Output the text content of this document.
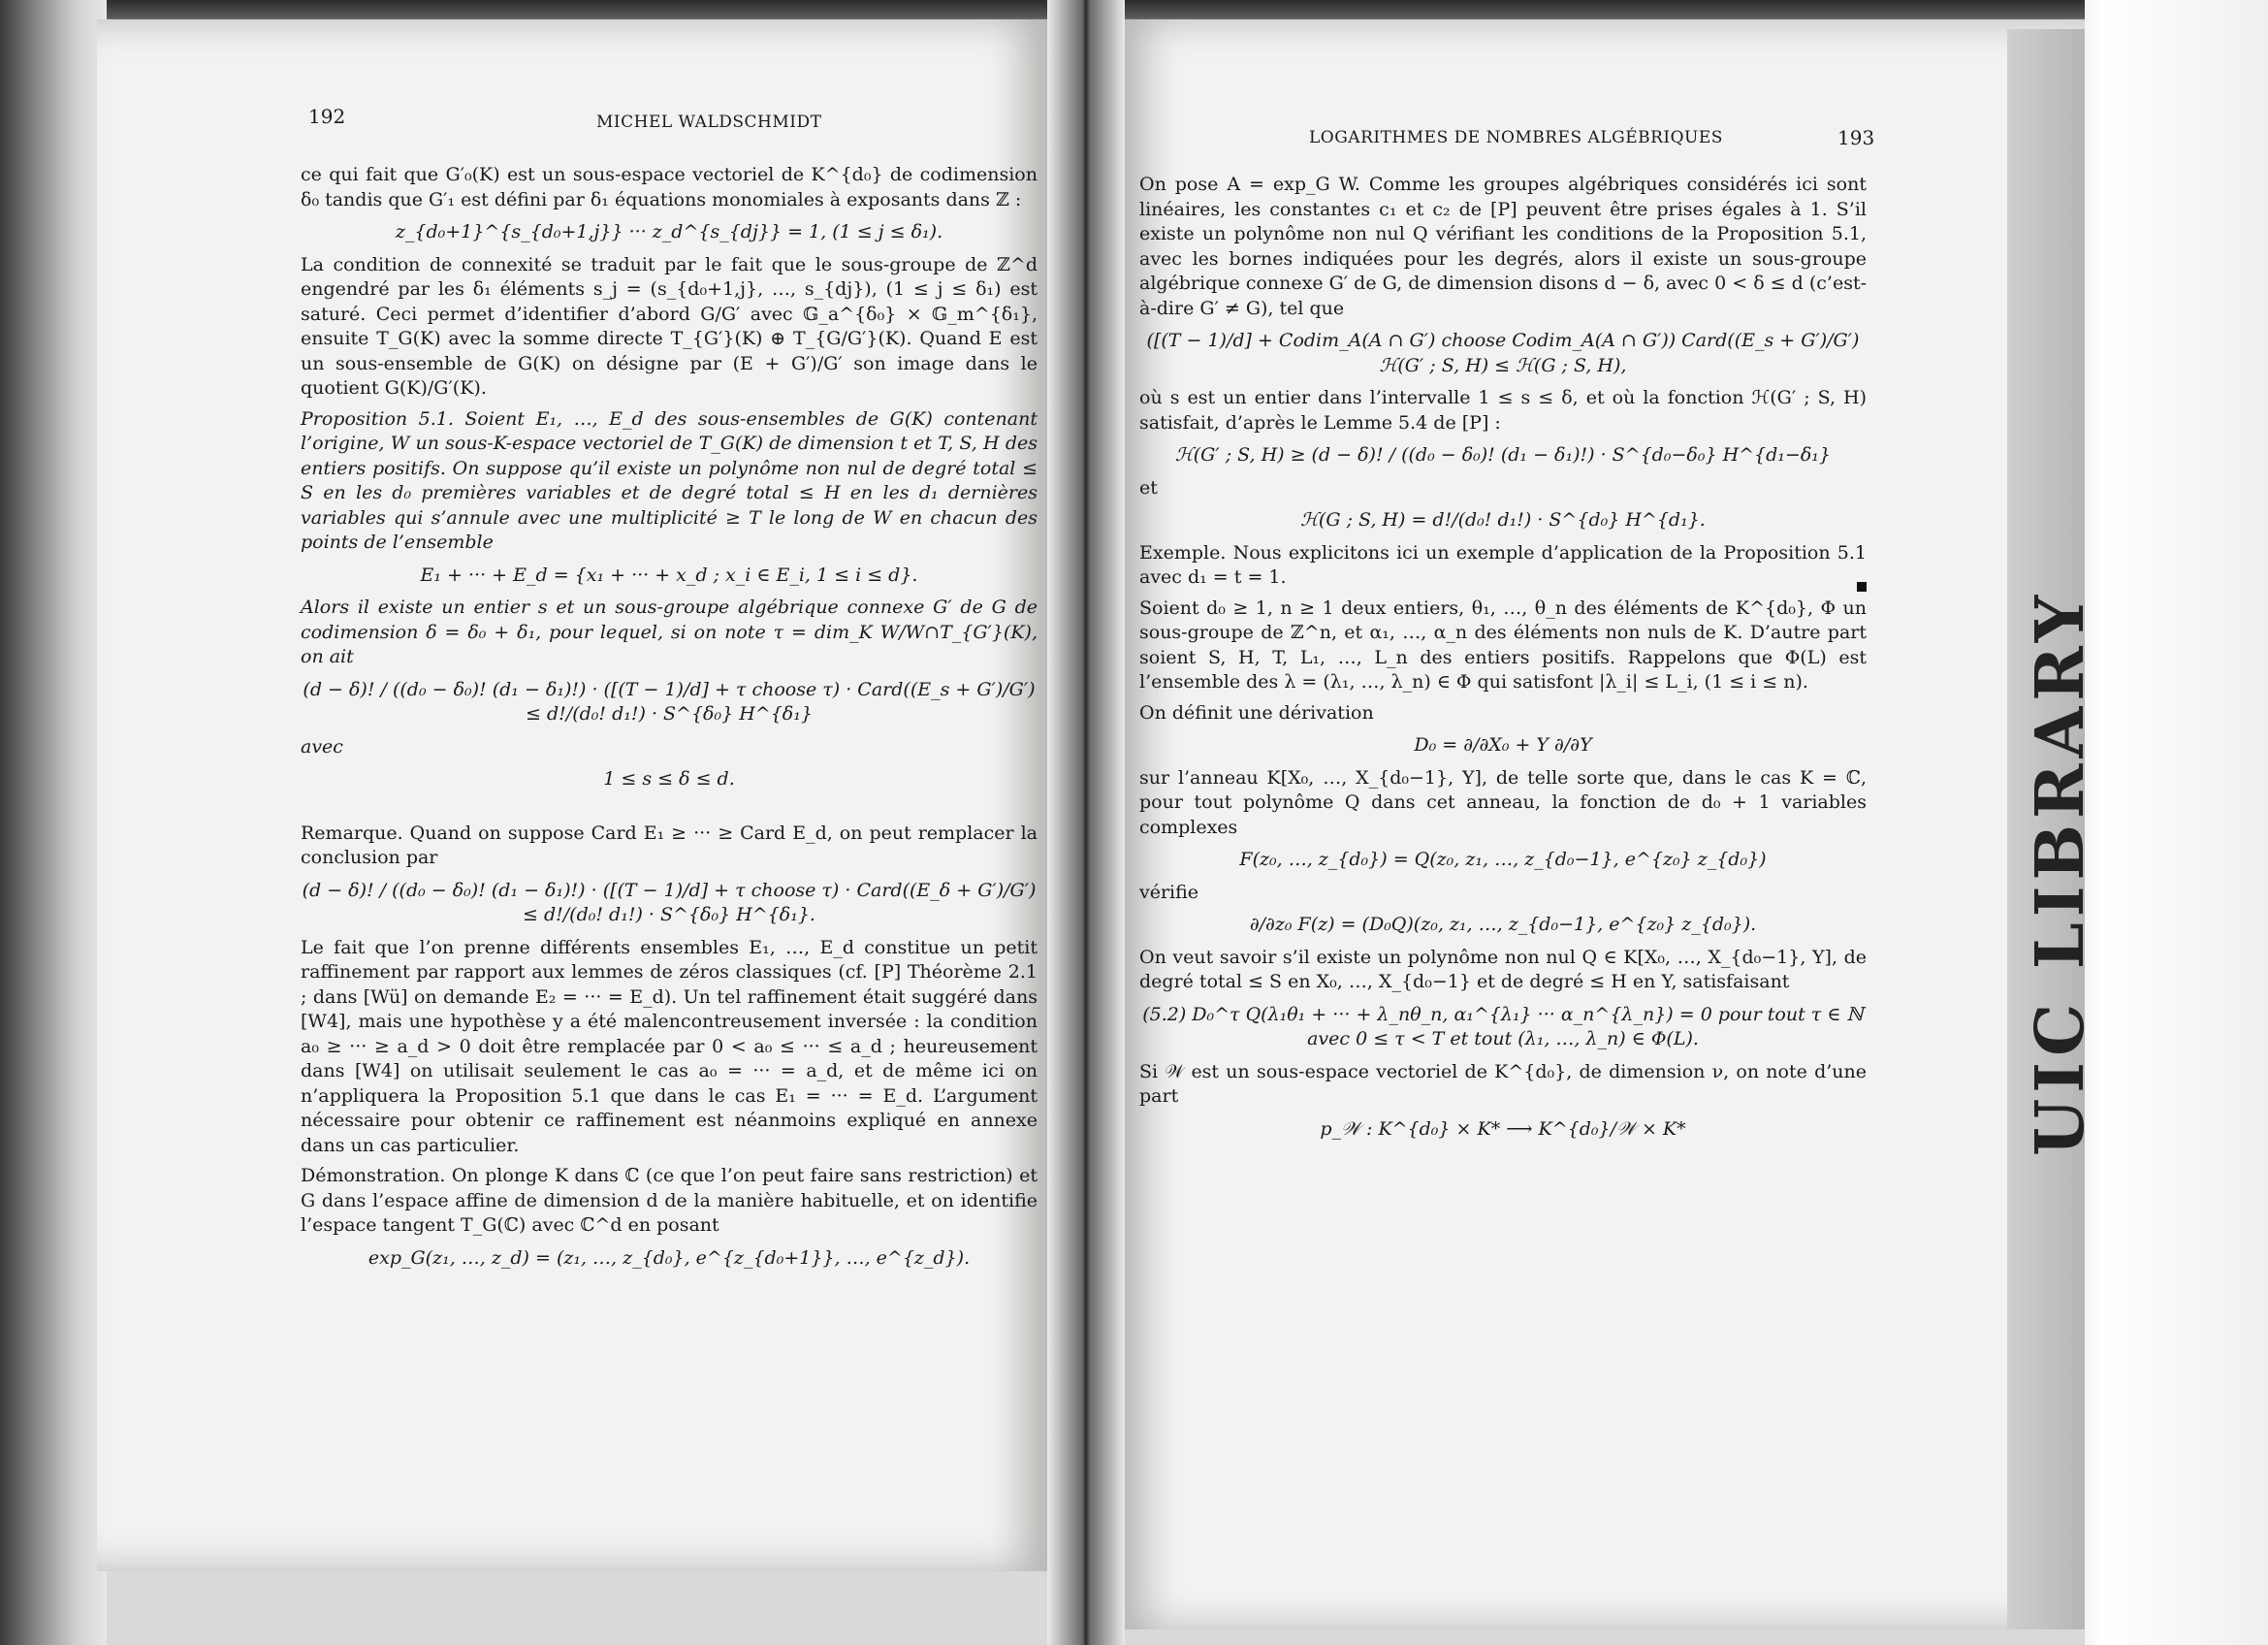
UIC LIBRARY
192	MICHEL WALDSCHMIDT

ce qui fait que G′₀(K) est un sous-espace vectoriel de K^{d₀} de codimension δ₀ tandis que G′₁ est défini par δ₁ équations monomiales à exposants dans ℤ :

z_{d₀+1}^{s_{d₀+1,j}} ··· z_d^{s_{dj}} = 1, (1 ≤ j ≤ δ₁).

La condition de connexité se traduit par le fait que le sous-groupe de ℤ^d engendré par les δ₁ éléments s_j = (s_{d₀+1,j}, …, s_{dj}), (1 ≤ j ≤ δ₁) est saturé. Ceci permet d’identifier d’abord G/G′ avec 𝔾_a^{δ₀} × 𝔾_m^{δ₁}, ensuite T_G(K) avec la somme directe T_{G′}(K) ⊕ T_{G/G′}(K). Quand E est un sous-ensemble de G(K) on désigne par (E + G′)/G′ son image dans le quotient G(K)/G′(K).

Proposition 5.1. Soient E₁, …, E_d des sous-ensembles de G(K) contenant l’origine, W un sous-K-espace vectoriel de T_G(K) de dimension t et T, S, H des entiers positifs. On suppose qu’il existe un polynôme non nul de degré total ≤ S en les d₀ premières variables et de degré total ≤ H en les d₁ dernières variables qui s’annule avec une multiplicité ≥ T le long de W en chacun des points de l’ensemble

E₁ + ··· + E_d = {x₁ + ··· + x_d ; x_i ∈ E_i, 1 ≤ i ≤ d}.

Alors il existe un entier s et un sous-groupe algébrique connexe G′ de G de codimension δ = δ₀ + δ₁, pour lequel, si on note τ = dim_K W/W∩T_{G′}(K), on ait

(d − δ)! / ((d₀ − δ₀)! (d₁ − δ₁)!) · ([(T − 1)/d] + τ choose τ) · Card((E_s + G′)/G′) ≤ d!/(d₀! d₁!) · S^{δ₀} H^{δ₁}
avec
1 ≤ s ≤ δ ≤ d.

Remarque. Quand on suppose Card E₁ ≥ ··· ≥ Card E_d, on peut remplacer la conclusion par

(d − δ)! / ((d₀ − δ₀)! (d₁ − δ₁)!) · ([(T − 1)/d] + τ choose τ) · Card((E_δ + G′)/G′) ≤ d!/(d₀! d₁!) · S^{δ₀} H^{δ₁}.

Le fait que l’on prenne différents ensembles E₁, …, E_d constitue un petit raffinement par rapport aux lemmes de zéros classiques (cf. [P] Théorème 2.1 ; dans [Wü] on demande E₂ = ··· = E_d). Un tel raffinement était suggéré dans [W4], mais une hypothèse y a été malencontreusement inversée : la condition a₀ ≥ ··· ≥ a_d > 0 doit être remplacée par 0 < a₀ ≤ ··· ≤ a_d ; heureusement dans [W4] on utilisait seulement le cas a₀ = ··· = a_d, et de même ici on n’appliquera la Proposition 5.1 que dans le cas E₁ = ··· = E_d. L’argument nécessaire pour obtenir ce raffinement est néanmoins expliqué en annexe dans un cas particulier.

Démonstration. On plonge K dans ℂ (ce que l’on peut faire sans restriction) et G dans l’espace affine de dimension d de la manière habituelle, et on identifie l’espace tangent T_G(ℂ) avec ℂ^d en posant

exp_G(z₁, …, z_d) = (z₁, …, z_{d₀}, e^{z_{d₀+1}}, …, e^{z_d}).
LOGARITHMES DE NOMBRES ALGÉBRIQUES	193

On pose A = exp_G W. Comme les groupes algébriques considérés ici sont linéaires, les constantes c₁ et c₂ de [P] peuvent être prises égales à 1. S’il existe un polynôme non nul Q vérifiant les conditions de la Proposition 5.1, avec les bornes indiquées pour les degrés, alors il existe un sous-groupe algébrique connexe G′ de G, de dimension disons d − δ, avec 0 < δ ≤ d (c’est-à-dire G′ ≠ G), tel que

([(T − 1)/d] + Codim_A(A ∩ G′) choose Codim_A(A ∩ G′)) Card((E_s + G′)/G′) ℋ(G′ ; S, H) ≤ ℋ(G ; S, H),

où s est un entier dans l’intervalle 1 ≤ s ≤ δ, et où la fonction ℋ(G′ ; S, H) satisfait, d’après le Lemme 5.4 de [P] :

ℋ(G′ ; S, H) ≥ (d − δ)! / ((d₀ − δ₀)! (d₁ − δ₁)!) · S^{d₀−δ₀} H^{d₁−δ₁}
et
ℋ(G ; S, H) = d!/(d₀! d₁!) · S^{d₀} H^{d₁}.

Exemple. Nous explicitons ici un exemple d’application de la Proposition 5.1 avec d₁ = t = 1.

Soient d₀ ≥ 1, n ≥ 1 deux entiers, θ₁, …, θ_n des éléments de K^{d₀}, Φ un sous-groupe de ℤ^n, et α₁, …, α_n des éléments non nuls de K. D’autre part soient S, H, T, L₁, …, L_n des entiers positifs. Rappelons que Φ(L) est l’ensemble des λ = (λ₁, …, λ_n) ∈ Φ qui satisfont |λ_i| ≤ L_i, (1 ≤ i ≤ n).

On définit une dérivation

D₀ = ∂/∂X₀ + Y ∂/∂Y

sur l’anneau K[X₀, …, X_{d₀−1}, Y], de telle sorte que, dans le cas K = ℂ, pour tout polynôme Q dans cet anneau, la fonction de d₀ + 1 variables complexes

F(z₀, …, z_{d₀}) = Q(z₀, z₁, …, z_{d₀−1}, e^{z₀} z_{d₀})
vérifie
∂/∂z₀ F(z) = (D₀Q)(z₀, z₁, …, z_{d₀−1}, e^{z₀} z_{d₀}).

On veut savoir s’il existe un polynôme non nul Q ∈ K[X₀, …, X_{d₀−1}, Y], de degré total ≤ S en X₀, …, X_{d₀−1} et de degré ≤ H en Y, satisfaisant

(5.2) D₀^τ Q(λ₁θ₁ + ··· + λ_nθ_n, α₁^{λ₁} ··· α_n^{λ_n}) = 0 pour tout τ ∈ ℕ avec 0 ≤ τ < T et tout (λ₁, …, λ_n) ∈ Φ(L).

Si 𝒲 est un sous-espace vectoriel de K^{d₀}, de dimension ν, on note d’une part

p_𝒲 : K^{d₀} × K* ⟶ K^{d₀}/𝒲 × K*
